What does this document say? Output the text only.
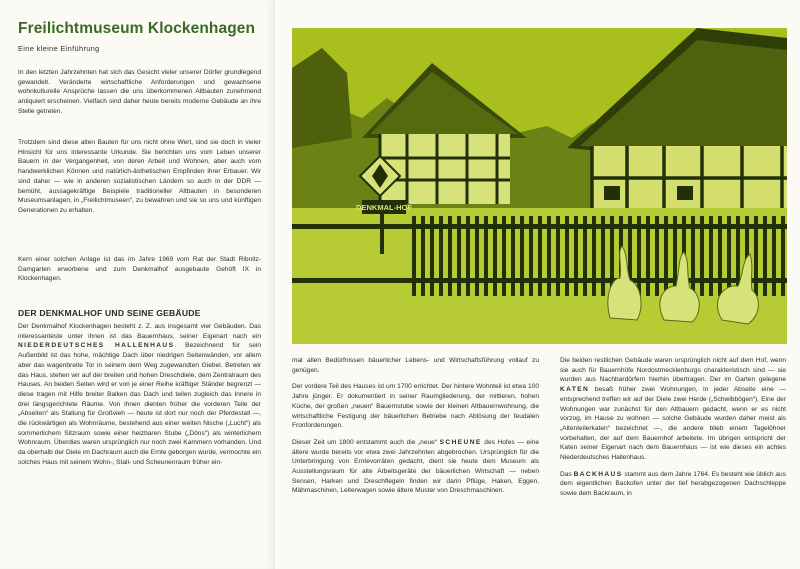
Freilichtmuseum Klockenhagen
Eine kleine Einführung

In den letzten Jahrzehnten hat sich das Gesicht vieler unserer Dörfer grundlegend gewandelt. Veränderte wirtschaftliche Anforderungen und gewachsene wohnkulturelle Ansprüche lassen die uns überkommenen Altbauten zunehmend antiquiert erscheinen. Vielfach sind daher heute bereits moderne Gebäude an ihre Stelle getreten.

Trotzdem sind diese alten Bauten für uns nicht ohne Wert, sind sie doch in vieler Hinsicht für uns interessante Urkunde. Sie berichten uns vom Leben unserer Bauern in der Vergangenheit, von deren Arbeit und Wohnen, aber auch vom handwerklichen Können und natürlich-ästhetischen Empfinden ihrer Erbauer. Wir sind daher — wie in anderen sozialistischen Ländern so auch in der DDR — bemüht, aussagekräftige Beispiele traditioneller Altbauten in besonderen Museumsanlagen, in „Freilichtmuseen“, zu bewahren und sie so uns und künftigen Generationen zu erhalten.

Kern einer solchen Anlage ist das im Jahre 1969 vom Rat der Stadt Ribnitz-Damgarten erworbene und zum Denkmalhof ausgebaute Gehöft IX in Klockenhagen.

DER DENKMALHOF UND SEINE GEBÄUDE

Der Denkmalhof Klockenhagen besteht z. Z. aus insgesamt vier Gebäuden. Das interessanteste unter ihnen ist das Bauernhaus, seiner Eigenart nach ein NIEDERDEUTSCHES HALLENHAUS. Bezeichnend für sein Außenbild ist das hohe, mächtige Dach über niedrigen Seitenwänden, vor allem aber das wagenbreite Tor in seinem dem Weg zugewandten Giebel. Betreten wir das Haus, stehen wir auf der breiten und hohen Dreschdiele, dem Zentralraum des Hauses. An beiden Seiten wird er von je einer Reihe kräftiger Ständer begrenzt — diese tragen mit Hilfe breiter Balken das Dach und teilen zugleich das Innere in drei längsgerichtete Räume. Von ihnen dienten früher die vorderen Teile der „Abseiten“ als Stallung für Großvieh — heute ist dort nur noch der Pferdestall —, die rückwärtigen als Wohnräume, bestehend aus einer weiten Nische („Lucht“) als sommerlichem Sitzraum sowie einer heizbaren Stube („Döns“) als winterlichem Wohnraum. Überdies waren ursprünglich nur noch zwei Kammern vorhanden. Und da oberhalb der Diele im Dachraum auch die Ernte geborgen wurde, vermochte ein solches Haus mit seinem Wohn-, Stall- und Scheunenraum früher ein-

DENKMAL-HOF

mal allen Bedürfnissen bäuerlicher Lebens- und Wirtschaftsführung vollauf zu genügen.

Der vordere Teil des Hauses ist um 1700 errichtet. Der hintere Wohnteil ist etwa 100 Jahre jünger. Er dokumentiert in seiner Raumgliederung, der mittleren, hohen Küche, der großen „neuen“ Bauernstube sowie der kleinen Altbauernwohnung, die wirtschaftliche Festigung der bäuerlichen Betriebe nach Ablösung der feudalen Fronforderungen.

Dieser Zeit um 1800 entstammt auch die „neue“ SCHEUNE des Hofes — eine ältere wurde bereits vor etwa zwei Jahrzehnten abgebrochen. Ursprünglich für die Unterbringung von Erntevorräten gedacht, dient sie heute dem Museum als Ausstellungsraum für alte Arbeitsgeräte der bäuerlichen Wirtschaft — neben Sensen, Harken und Dreschflegeln finden wir darin Pflüge, Haken, Eggen, Mähmaschinen, Leiterwagen sowie ältere Muster von Dreschmaschinen.

Die beiden restlichen Gebäude waren ursprünglich nicht auf dem Hof, wenn sie auch für Bauernhöfe Nordostmecklenburgs charakteristisch sind — sie wurden aus Nachbardörfern hierhin übertragen. Der im Garten gelegene KATEN besaß früher zwei Wohnungen, in jeder Abseite eine — entsprechend treffen wir auf der Diele zwei Herde („Schwibbögen“). Eine der Wohnungen war zunächst für den Altbauern gedacht, wenn er es nicht vorzog, im Hause zu wohnen — solche Gebäude wurden daher meist als „Altenteilerkaten“ bezeichnet —, die andere blieb einem Tagelöhner vorbehalten, der auf dem Bauernhof arbeitete. Im übrigen entspricht der Katen seiner Eigenart nach dem Bauernhaus — ist wie dieses ein achtes Niederdeutsches Hallenhaus.

Das BACKHAUS stammt aus dem Jahre 1764. Es besteht wie üblich aus dem eigentlichen Backofen unter der tief herabgezogenen Dachschleppe sowie dem Backraum, in
